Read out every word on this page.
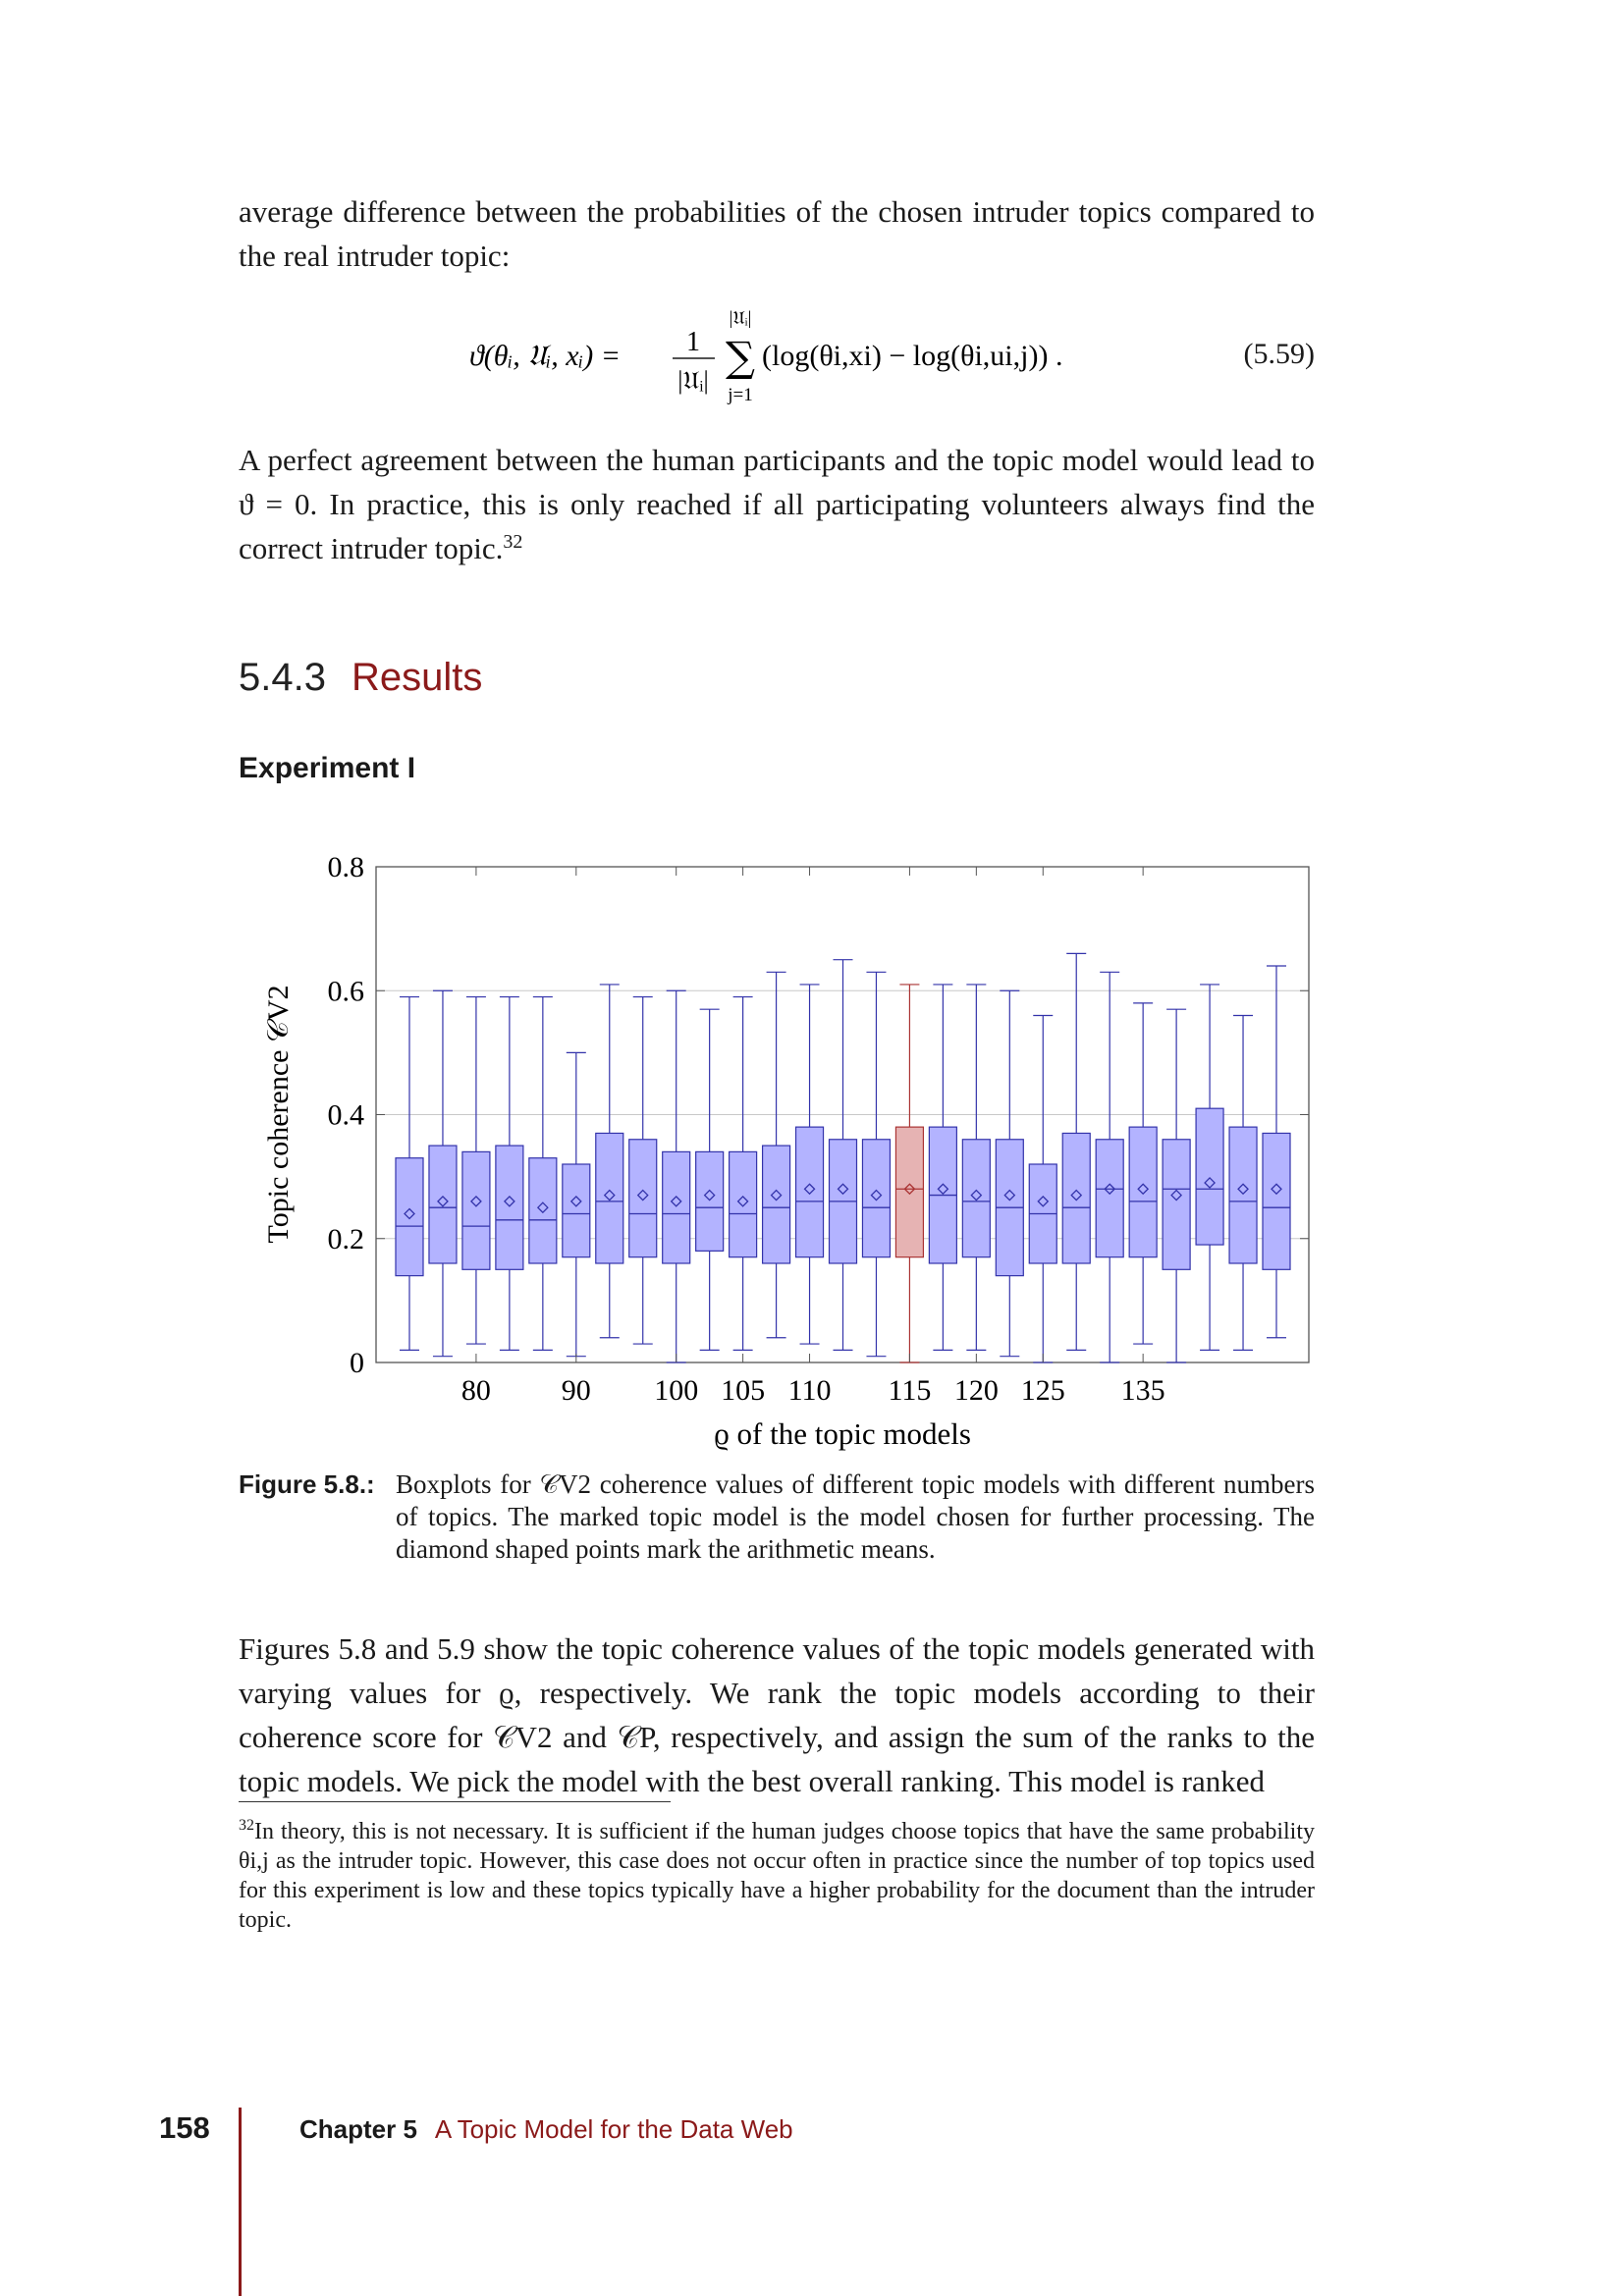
average difference between the probabilities of the chosen intruder topics compared to the real intruder topic:
ϑ(θᵢ, 𝔘ᵢ, xᵢ) = 1
|𝔘ᵢ|
|𝔘ᵢ|
∑
j=1
(log(θi,xi) − log(θi,ui,j)) .	(5.59)
A perfect agreement between the human participants and the topic model would lead to ϑ = 0. In practice, this is only reached if all participating volunteers always find the correct intruder topic.$^{32}$
5.4.3 Results
Experiment I
0
0.2
0.4
0.6
0.8
80 90 100 105 110 115 120 125 135
Topic coherence 𝒞V2
ϱ of the topic models
Figure 5.8.: Boxplots for 𝒞V2 coherence values of different topic models with different numbers of topics. The marked topic model is the model chosen for further processing. The diamond shaped points mark the arithmetic means.
Figures 5.8 and 5.9 show the topic coherence values of the topic models generated with varying values for ϱ, respectively. We rank the topic models according to their coherence score for 𝒞V2 and 𝒞P, respectively, and assign the sum of the ranks to the topic models. We pick the model with the best overall ranking. This model is ranked
$^{32}$In theory, this is not necessary. It is sufficient if the human judges choose topics that have the same probability θi,j as the intruder topic. However, this case does not occur often in practice since the number of top topics used for this experiment is low and these topics typically have a higher probability for the document than the intruder topic.
158	Chapter 5 A Topic Model for the Data Web
